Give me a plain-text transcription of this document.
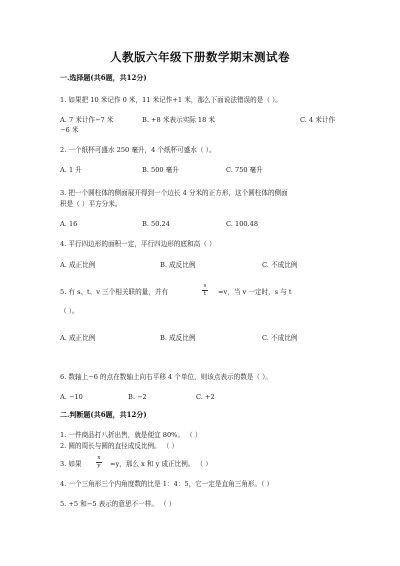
人教版六年级下册数学期末测试卷
一.选择题(共6题，共12分)
1. 如果把 10 米记作 0 米，11 米记作+1 米，那么下面说法错误的是（ ）。
A. 7 米计作−7 米	B. +8 米表示实际 18 米	C. 4 米计作
−6 米
2. 一个纸杯可盛水 250 毫升，4 个纸杯可盛水（ ）。
A. 1 升	B. 500 毫升	C. 750 毫升
3. 把一个圆柱体的侧面展开得到一个边长 4 分米的正方形，这个圆柱体的侧面
积是（ ）平方分米。
A. 16	B. 50.24	C. 100.48
4. 平行四边形的面积一定，平行四边形的底和高（ ）
A. 成正比例	B. 成反比例	C. 不成比例
5. 有 s、t、v 三个相关联的量，并有	$\frac{s}{t} =v$，当 v 一定时，s 与 t
（ ）。
A. 成正比例	B. 成反比例	C. 不成比例
6. 数轴上−6 的点在数轴上向右平移 4 个单位，则该点表示的数是（ ）。
A. −10	B. −2	C. +2
二.判断题(共6题，共12分)
1. 一件商品打八折出售，就是便宜 80%。 （ ）
2. 圆的周长与圆的直径成反比例。 （ ）
3. 如果	$\frac{x}{y} =y$，那么 x 和 y 成正比例。 （ ）
4. 一个三角形三个内角度数的比是 1：4：5，它一定是直角三角形。（ ）
5. +5 和−5 表示的意思不一样。 （ ）
